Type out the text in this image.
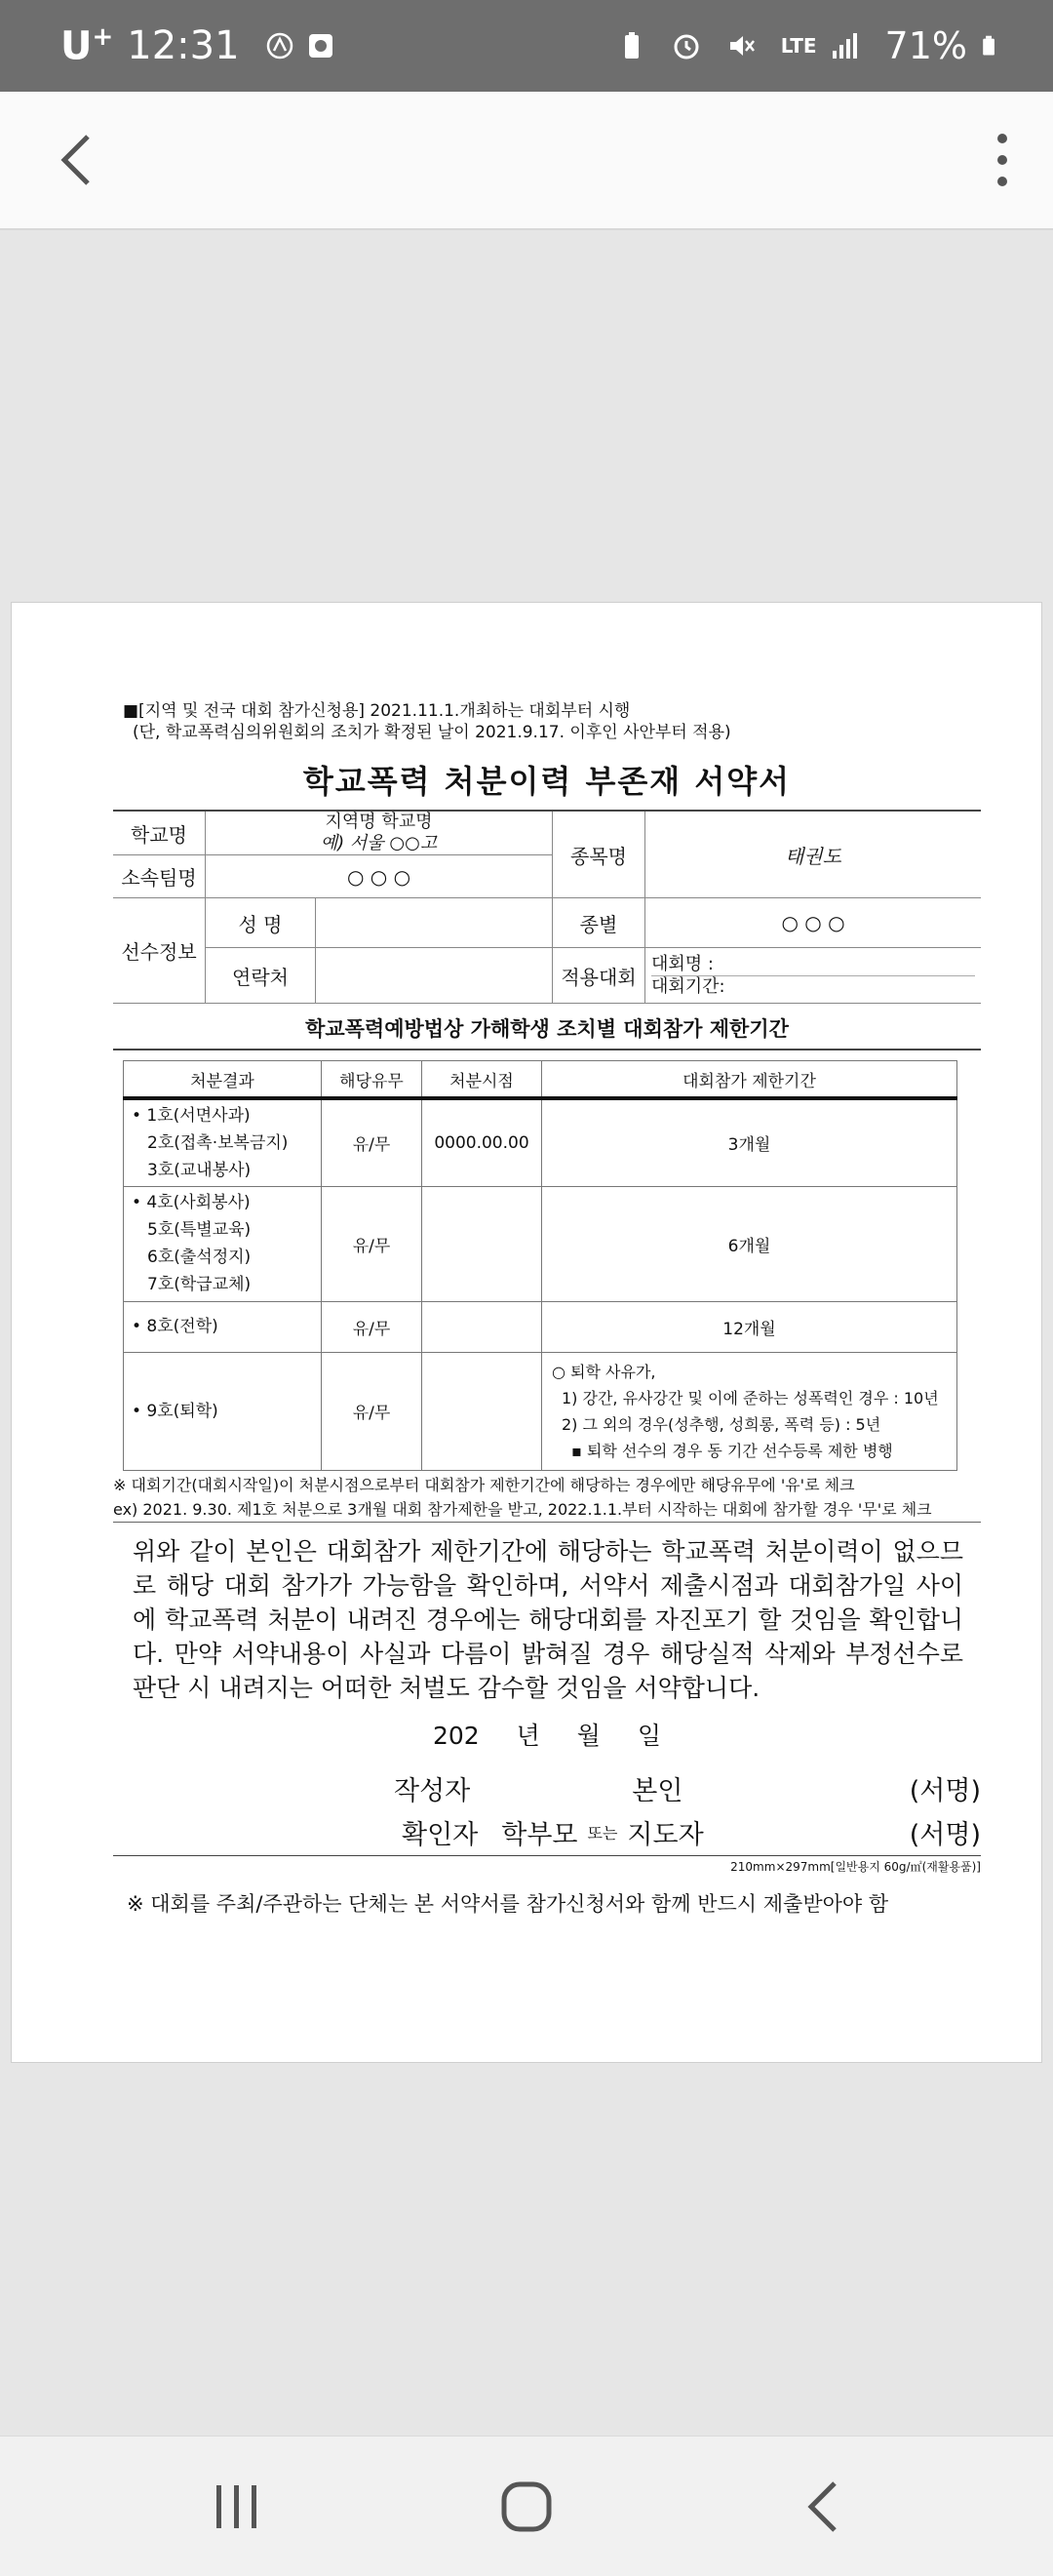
U+ 12:31	LTE 71%
■[지역 및 전국 대회 참가신청용] 2021.11.1.개최하는 대회부터 시행
(단, 학교폭력심의위원회의 조치가 확정된 날이 2021.9.17. 이후인 사안부터 적용)
학교폭력 처분이력 부존재 서약서
학교명	지역명 학교명
예) 서울 ○○고		종목명	태권도
소속팀명	○ ○ ○			
선수정보	성 명		종별	○ ○ ○
	연락처		적용대회	대회명 :
대회기간:
학교폭력예방법상 가해학생 조치별 대회참가 제한기간
처분결과	해당유무	처분시점	대회참가 제한기간

• 1호(서면사과)
2호(접촉·보복금지)
3호(교내봉사)	유/무	0000.00.00	3개월

• 4호(사회봉사)
5호(특별교육)
6호(출석정지)
7호(학급교체)	유/무		6개월
• 8호(전학)	유/무		12개월
• 9호(퇴학)	유/무		○ 퇴학 사유가,
1) 강간, 유사강간 및 이에 준하는 성폭력인 경우 : 10년
2) 그 외의 경우(성추행, 성희롱, 폭력 등) : 5년
▪ 퇴학 선수의 경우 동 기간 선수등록 제한 병행
※ 대회기간(대회시작일)이 처분시점으로부터 대회참가 제한기간에 해당하는 경우에만 해당유무에 '유'로 체크
ex) 2021. 9.30. 제1호 처분으로 3개월 대회 참가제한을 받고, 2022.1.1.부터 시작하는 대회에 참가할 경우 '무'로 체크
위와 같이 본인은 대회참가 제한기간에 해당하는 학교폭력 처분이력이 없으므로 해당 대회 참가가 가능함을 확인하며, 서약서 제출시점과 대회참가일 사이에 학교폭력 처분이 내려진 경우에는 해당대회를 자진포기 할 것임을 확인합니다. 만약 서약내용이 사실과 다름이 밝혀질 경우 해당실적 삭제와 부정선수로 판단 시 내려지는 어떠한 처벌도 감수할 것임을 서약합니다.
202 년 월 일
작성자	본인	(서명)
확인자 학부모 또는 지도자	(서명)
210mm×297mm[일반용지 60g/㎡(재활용품)]
※ 대회를 주최/주관하는 단체는 본 서약서를 참가신청서와 함께 반드시 제출받아야 함
